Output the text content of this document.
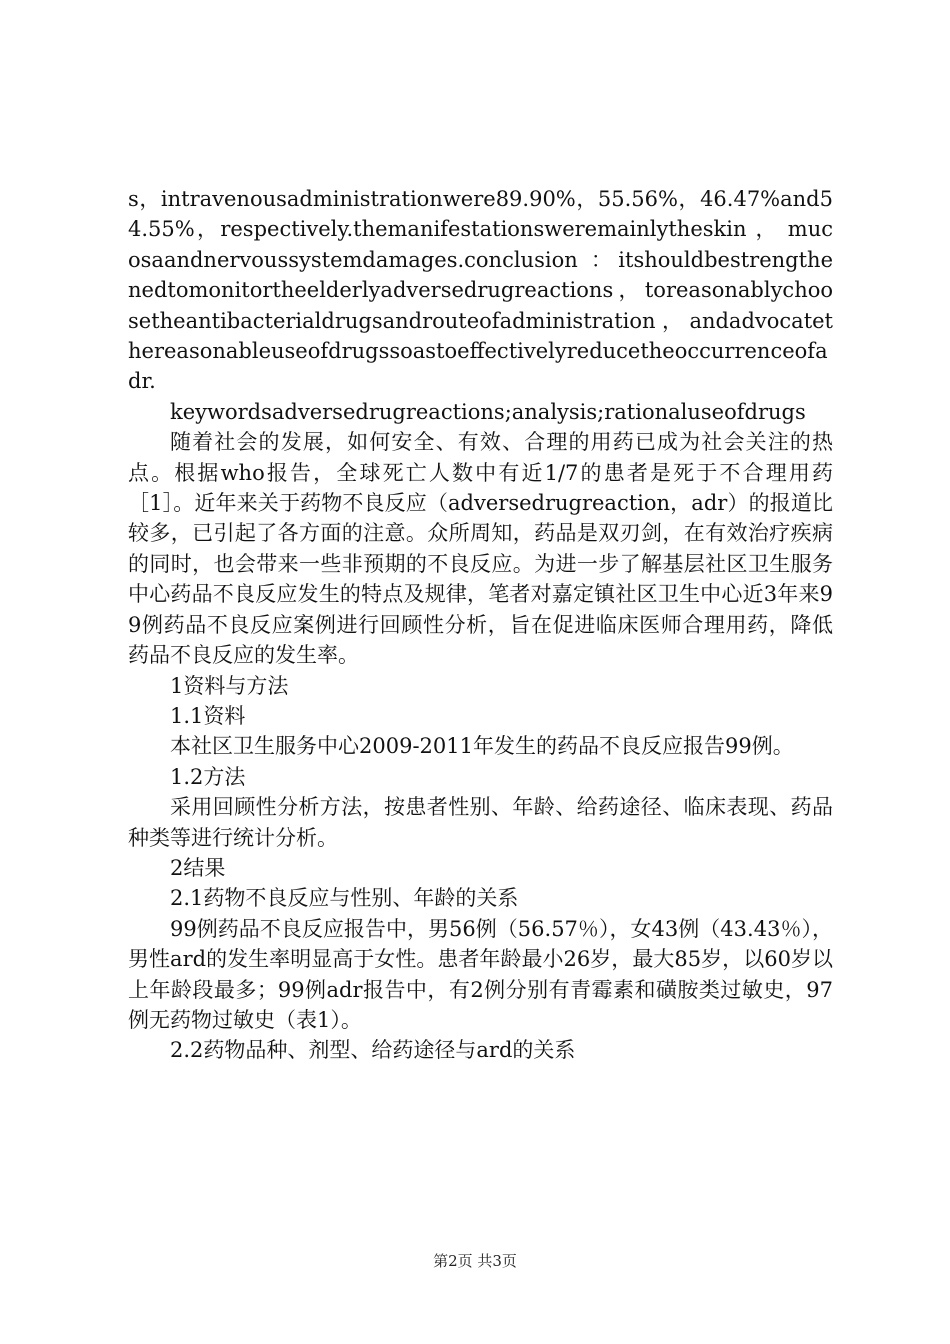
s，intravenousadministrationwere89.90%，55.56%，46.47%and54.55%，respectively.themanifestationsweremainlytheskin ， mucosaandnervoussystemdamages.conclusion ：itshouldbestrengthenedtomonitortheelderlyadversedrugreactions，toreasonablychoosetheantibacterialdrugsandrouteofadministration，andadvocatethereasonableuseofdrugssoastoeffectivelyreducetheoccurrenceofadr.

keywordsadversedrugreactions;analysis;rationaluseofdrugs

随着社会的发展，如何安全、有效、合理的用药已成为社会关注的热点。根据who报告，全球死亡人数中有近1/7的患者是死于不合理用药［1］。近年来关于药物不良反应（adversedrugreaction，adr）的报道比较多，已引起了各方面的注意。众所周知，药品是双刃剑，在有效治疗疾病的同时，也会带来一些非预期的不良反应。为进一步了解基层社区卫生服务中心药品不良反应发生的特点及规律，笔者对嘉定镇社区卫生中心近3年来99例药品不良反应案例进行回顾性分析，旨在促进临床医师合理用药，降低药品不良反应的发生率。

1资料与方法

1.1资料

本社区卫生服务中心2009-2011年发生的药品不良反应报告99例。

1.2方法

采用回顾性分析方法，按患者性别、年龄、给药途径、临床表现、药品种类等进行统计分析。

2结果

2.1药物不良反应与性别、年龄的关系

99例药品不良反应报告中，男56例（56.57％），女43例（43.43％），男性ard的发生率明显高于女性。患者年龄最小26岁，最大85岁，以60岁以上年龄段最多；99例adr报告中，有2例分别有青霉素和磺胺类过敏史，97例无药物过敏史（表1）。

2.2药物品种、剂型、给药途径与ard的关系

第2页 共3页
